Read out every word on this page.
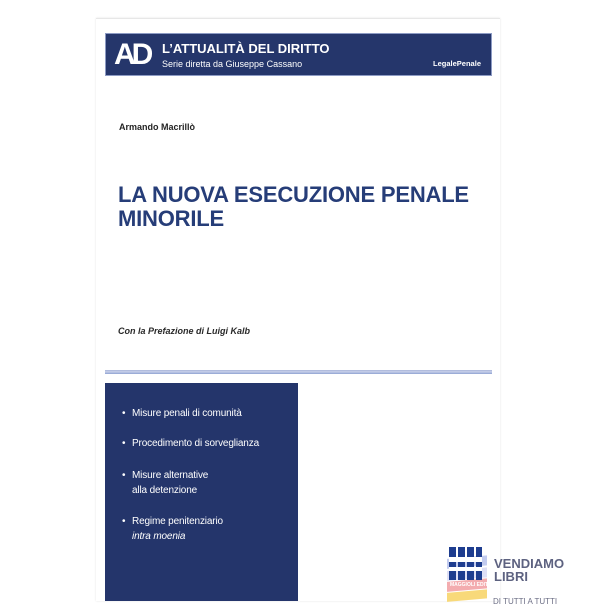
AD L’ATTUALITÀ DEL DIRITTO
Serie diretta da Giuseppe Cassano	LegalePenale
Armando Macrillò
LA NUOVA ESECUZIONE PENALE
MINORILE
Con la Prefazione di Luigi Kalb
• Misure penali di comunità
• Procedimento di sorveglianza
• Misure alternative
alla detenzione
• Regime penitenziario
intra moenia
VENDIAMO
LIBRI
DI TUTTI A TUTTI
MAGGIOLI EDITORE
